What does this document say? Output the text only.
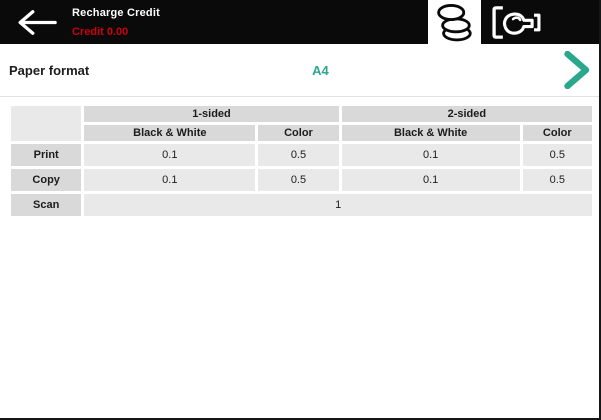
Recharge Credit
Credit 0.00
Paper format	A4
	1-sided		2-sided	
	Black & White	Color	Black & White	Color
Print	0.1	0.5	0.1	0.5
Copy	0.1	0.5	0.1	0.5
Scan	1			
